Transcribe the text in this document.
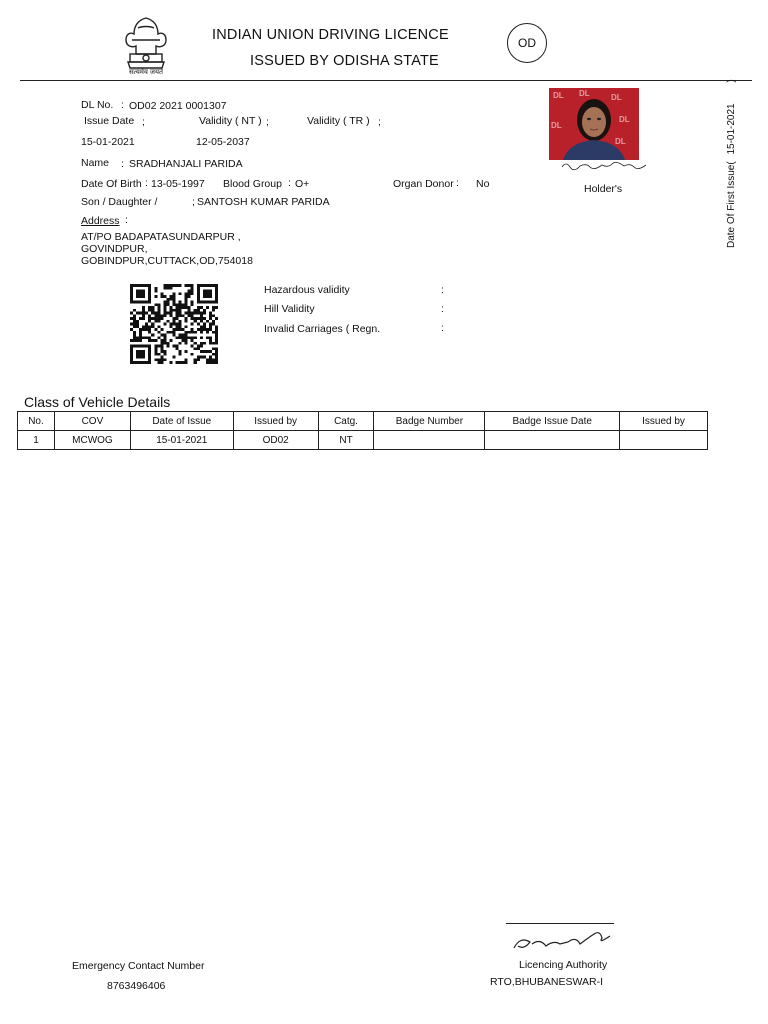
सत्यमेव जयते
INDIAN UNION DRIVING LICENCE
ISSUED BY ODISHA STATE
OD
DL No. : OD02 2021 0001307
Issue Date ;	Validity ( NT ) ;	Validity ( TR ) ;
15-01-2021	12-05-2037
Name : SRADHANJALI PARIDA
Date Of Birth : 13-05-1997 Blood Group : O+	Organ Donor : No
Son / Daughter /	; SANTOSH KUMAR PARIDA
Address :
AT/PO BADAPATASUNDARPUR ,
GOVINDPUR,
GOBINDPUR,CUTTACK,OD,754018
DL DL	DL
DL
DL
DL
Holder's	Date Of First Issue( 15-01-2021 )
Hazardous validity	:
Hill Validity	:
Invalid Carriages ( Regn.	:
Class of Vehicle Details
No.	COV	Date of Issue	Issued by	Catg.	Badge Number	Badge Issue Date	Issued by
1	MCWOG	15-01-2021	OD02	NT			
Emergency Contact Number
8763496406
Licencing Authority
RTO,BHUBANESWAR-I
